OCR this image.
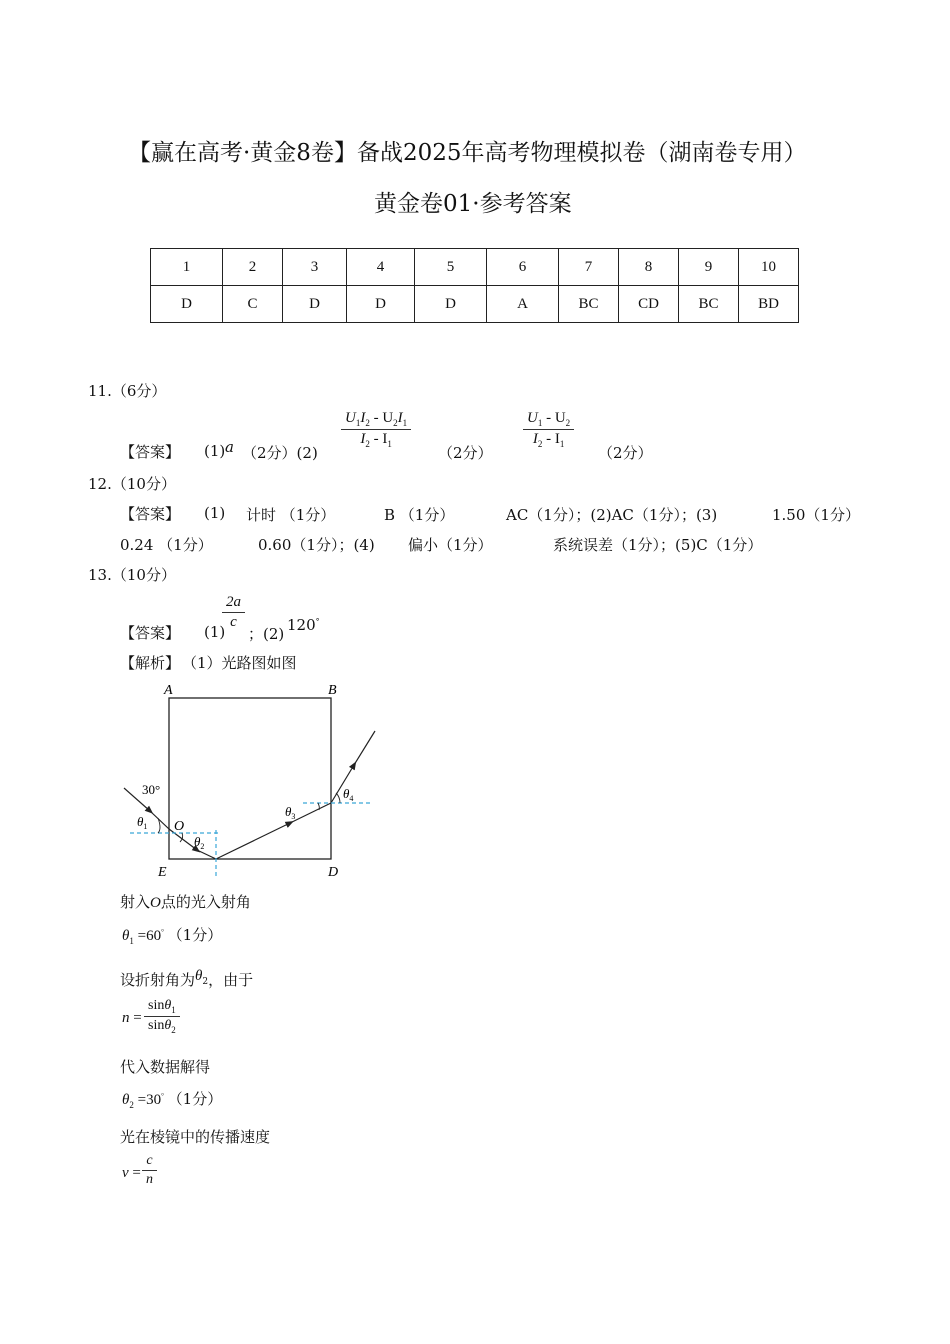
【赢在高考·黄金8卷】备战2025年高考物理模拟卷（湖南卷专用）
黄金卷01·参考答案
1	2	3	4	5	6	7	8	9	10
D	C	D	D	D	A	BC	CD	BC	BD
11.（6分）
【答案】 (1) a （2分）(2)
$\frac{U_1I_2 - U_2I_1}{I_2 - I_1}$
（2分）
$\frac{U_1 - U_2}{I_2 - I_1}$
（2分）
12.（10分）
【答案】 (1) 计时 （1分）	B （1分）	AC（1分）；(2)AC（1分）；(3)	1.50（1分）
0.24 （1分）	0.60（1分）；(4) 偏小（1分）	系统误差（1分）；(5)C（1分）
13.（10分）
【答案】 (1)
$\frac{2a}{c}$
；(2) 120°
【解析】 （1）光路图如图
A	B
E	D
O
30°
$\theta_1$
$\theta_2$
$\theta_3$
$\theta_4$
射入O点的光入射角
$\theta_1 =60^\circ$ （1分）
设折射角为$\theta_2$，由于
$n = \frac{\sin\theta_1}{\sin\theta_2}$
代入数据解得
$\theta_2 =30^\circ$ （1分）
光在棱镜中的传播速度
$v = \frac{c}{n}$
